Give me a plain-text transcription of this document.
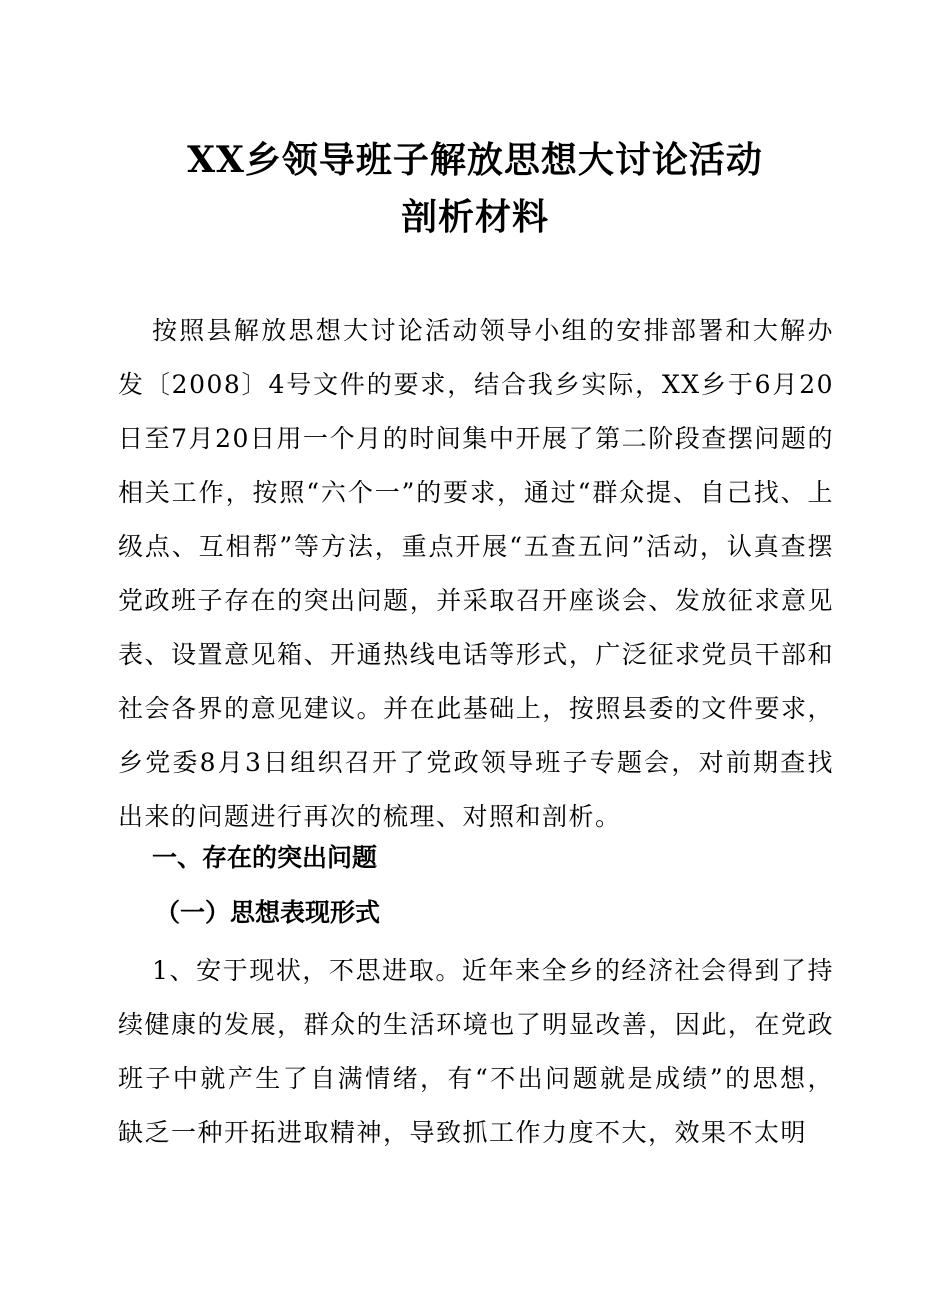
XX乡领导班子解放思想大讨论活动
剖析材料

按照县解放思想大讨论活动领导小组的安排部署和大解办发〔2008〕4号文件的要求，结合我乡实际，XX乡于6月20日至7月20日用一个月的时间集中开展了第二阶段查摆问题的相关工作，按照“六个一”的要求，通过“群众提、自己找、上级点、互相帮”等方法，重点开展“五查五问”活动，认真查摆党政班子存在的突出问题，并采取召开座谈会、发放征求意见表、设置意见箱、开通热线电话等形式，广泛征求党员干部和社会各界的意见建议。并在此基础上，按照县委的文件要求，乡党委8月3日组织召开了党政领导班子专题会，对前期查找出来的问题进行再次的梳理、对照和剖析。

一、存在的突出问题
（一）思想表现形式

1、安于现状，不思进取。近年来全乡的经济社会得到了持续健康的发展，群众的生活环境也了明显改善，因此，在党政班子中就产生了自满情绪，有“不出问题就是成绩”的思想，缺乏一种开拓进取精神，导致抓工作力度不大，效果不太明
